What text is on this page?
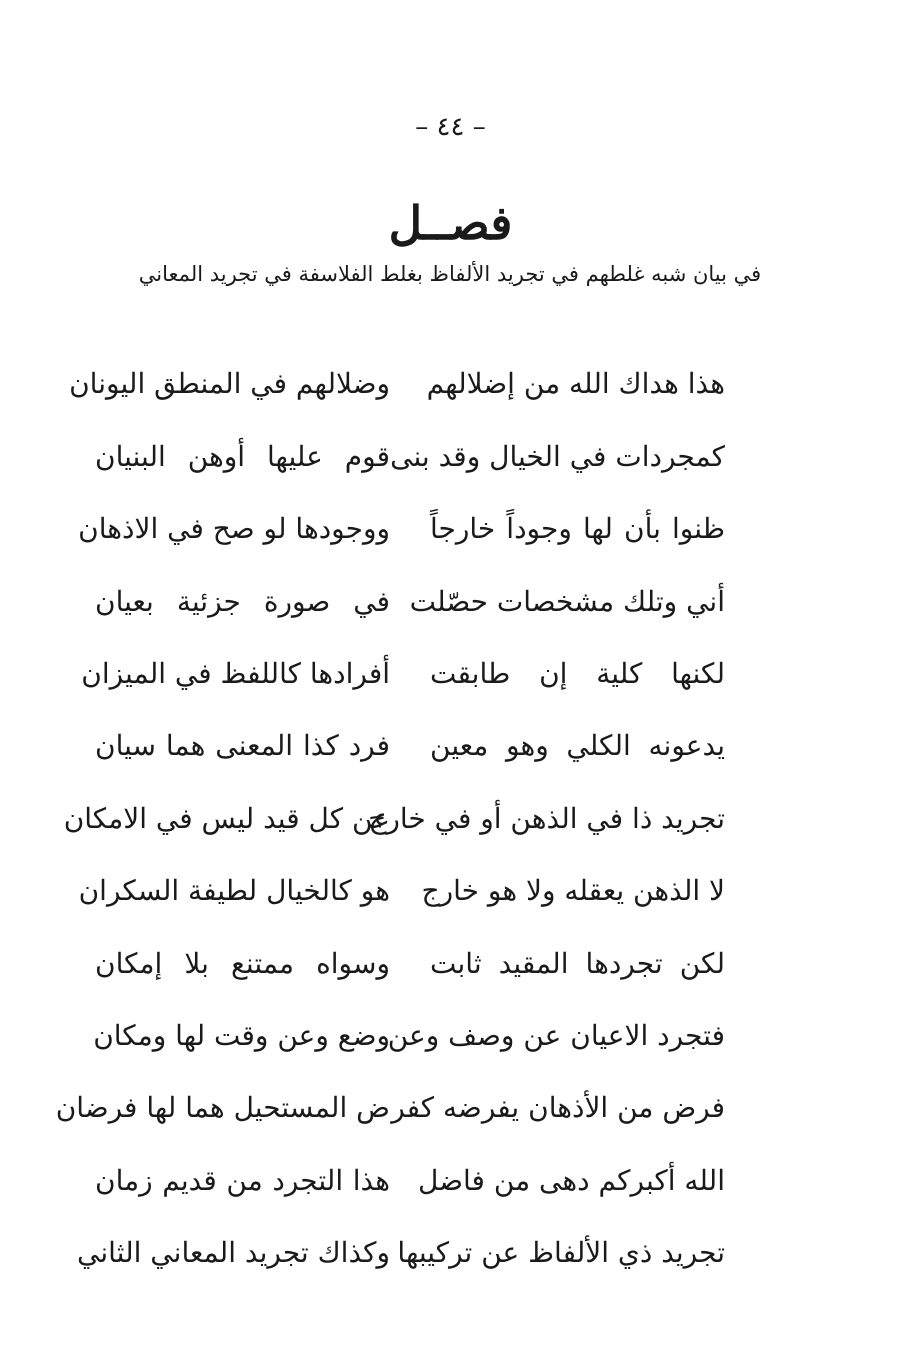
– ٤٤ –
فصــل
في بيان شبه غلطهم في تجريد الألفاظ بغلط الفلاسفة في تجريد المعاني
هذا هداك الله من إضلالهم
وضلالهم في المنطق اليونان
كمجردات في الخيال وقد بنى
قوم عليها أوهن البنيان
ظنوا بأن لها وجوداً خارجاً
ووجودها لو صح في الاذهان
أني وتلك مشخصات حصّلت
في صورة جزئية بعيان
لكنها كلية إن طابقت
أفرادها كاللفظ في الميزان
يدعونه الكلي وهو معين
فرد كذا المعنى هما سيان
تجريد ذا في الذهن أو في خارج
عن كل قيد ليس في الامكان
لا الذهن يعقله ولا هو خارج
هو كالخيال لطيفة السكران
لكن تجردها المقيد ثابت
وسواه ممتنع بلا إمكان
فتجرد الاعيان عن وصف وعن
وضع وعن وقت لها ومكان
فرض من الأذهان يفرضه كفر
ض المستحيل هما لها فرضان
الله أكبركم دهى من فاضل
هذا التجرد من قديم زمان
تجريد ذي الألفاظ عن تركيبها
وكذاك تجريد المعاني الثاني
